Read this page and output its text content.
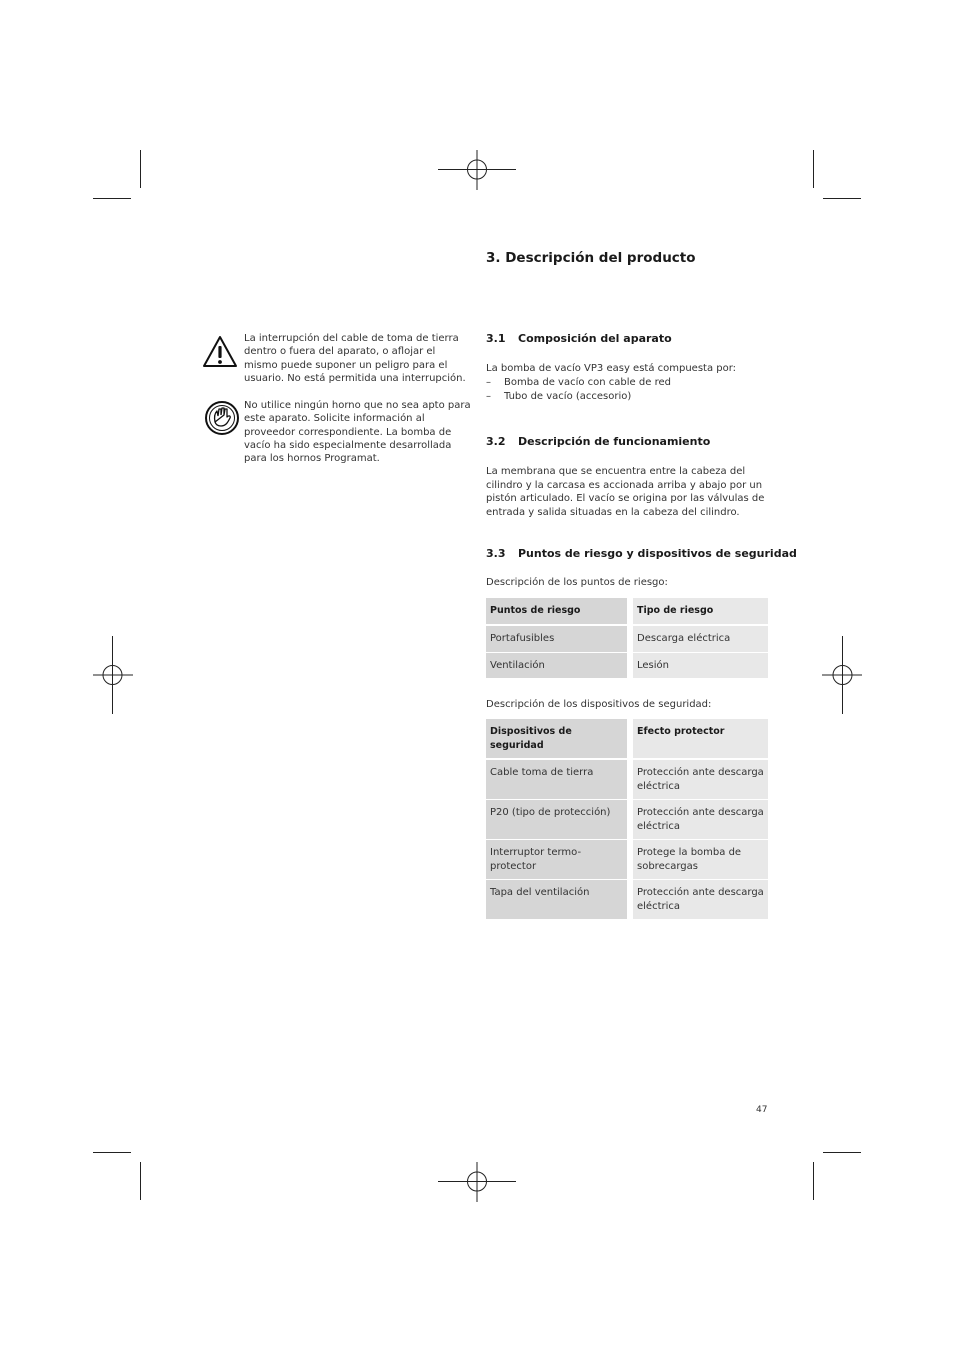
3. Descripción del producto
La interrupción del cable de toma de tierra dentro o fuera del aparato, o aflojar el mismo puede suponer un peligro para el usuario. No está permitida una interrupción.
No utilice ningún horno que no sea apto para este aparato. Solicite información al proveedor correspondiente. La bomba de vacío ha sido especialmente desarrollada para los hornos Programat.
3.1 Composición del aparato
La bomba de vacío VP3 easy está compuesta por:
– Bomba de vacío con cable de red
– Tubo de vacío (accesorio)
3.2 Descripción de funcionamiento
La membrana que se encuentra entre la cabeza del cilindro y la carcasa es accionada arriba y abajo por un pistón articulado. El vacío se origina por las válvulas de entrada y salida situadas en la cabeza del cilindro.
3.3 Puntos de riesgo y dispositivos de seguridad
Descripción de los puntos de riesgo:
Puntos de riesgo	Tipo de riesgo
Portafusibles	Descarga eléctrica
Ventilación	Lesión
Descripción de los dispositivos de seguridad:
Dispositivos de seguridad	Efecto protector
Cable toma de tierra	Protección ante descarga eléctrica
P20 (tipo de protección)	Protección ante descarga eléctrica
Interruptor termo-protector	Protege la bomba de sobrecargas
Tapa del ventilación	Protección ante descarga eléctrica
47
